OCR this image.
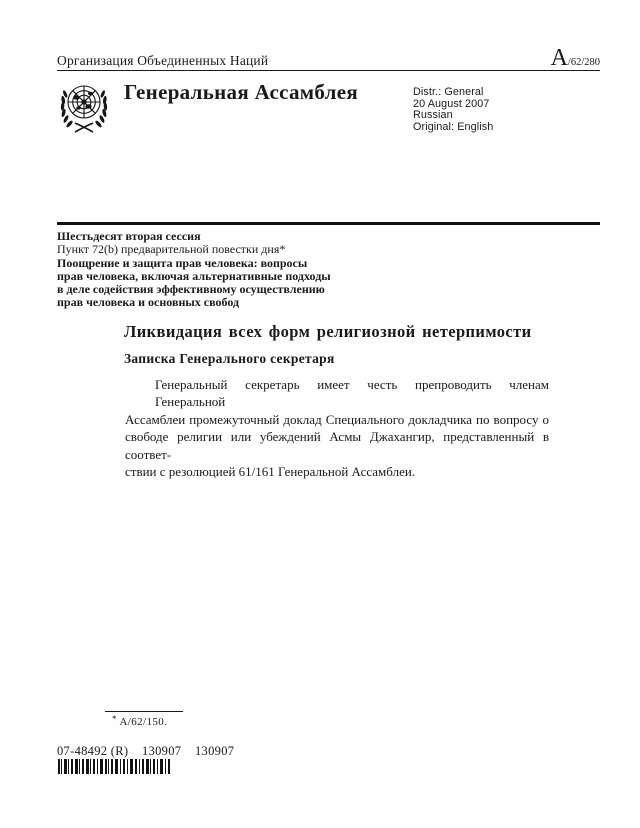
Организация Объединенных Наций	A/62/280
Генеральная Ассамблея	Distr.: General
20 August 2007
Russian
Original: English
Шестьдесят вторая сессия
Пункт 72(b) предварительной повестки дня*
Поощрение и защита прав человека: вопросы
прав человека, включая альтернативные подходы
в деле содействия эффективному осуществлению
прав человека и основных свобод
Ликвидация всех форм религиозной нетерпимости
Записка Генерального секретаря
Генеральный секретарь имеет честь препроводить членам Генеральной
Ассамблеи промежуточный доклад Специального докладчика по вопросу о
свободе религии или убеждений Асмы Джахангир, представленный в соответ-
ствии с резолюцией 61/161 Генеральной Ассамблеи.
* A/62/150.
07-48492 (R)    130907    130907
